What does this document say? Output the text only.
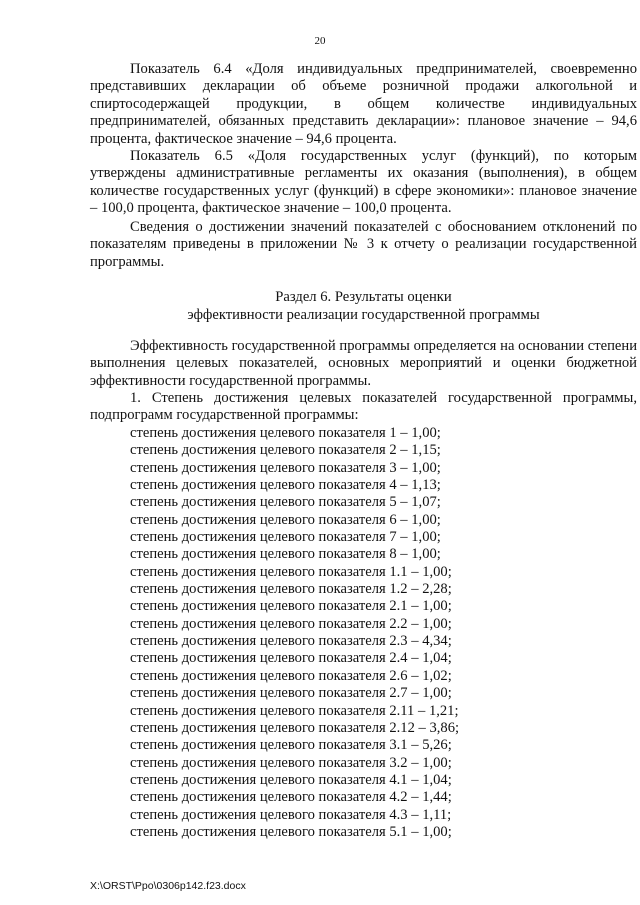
20

Показатель 6.4 «Доля индивидуальных предпринимателей, своевременно представивших декларации об объеме розничной продажи алкогольной и спиртосодержащей продукции, в общем количестве индивидуальных предпринимателей, обязанных представить декларации»: плановое значение – 94,6 процента, фактическое значение – 94,6 процента.

Показатель 6.5 «Доля государственных услуг (функций), по которым утверждены административные регламенты их оказания (выполнения), в общем количестве государственных услуг (функций) в сфере экономики»: плановое значение – 100,0 процента, фактическое значение – 100,0 процента.

Сведения о достижении значений показателей с обоснованием отклонений по показателям приведены в приложении № 3 к отчету о реализации государственной программы.

Раздел 6. Результаты оценки
эффективности реализации государственной программы

Эффективность государственной программы определяется на основании степени выполнения целевых показателей, основных мероприятий и оценки бюджетной эффективности государственной программы.

1. Степень достижения целевых показателей государственной программы, подпрограмм государственной программы:

степень достижения целевого показателя 1 – 1,00;
степень достижения целевого показателя 2 – 1,15;
степень достижения целевого показателя 3 – 1,00;
степень достижения целевого показателя 4 – 1,13;
степень достижения целевого показателя 5 – 1,07;
степень достижения целевого показателя 6 – 1,00;
степень достижения целевого показателя 7 – 1,00;
степень достижения целевого показателя 8 – 1,00;
степень достижения целевого показателя 1.1 – 1,00;
степень достижения целевого показателя 1.2 – 2,28;
степень достижения целевого показателя 2.1 – 1,00;
степень достижения целевого показателя 2.2 – 1,00;
степень достижения целевого показателя 2.3 – 4,34;
степень достижения целевого показателя 2.4 – 1,04;
степень достижения целевого показателя 2.6 – 1,02;
степень достижения целевого показателя 2.7 – 1,00;
степень достижения целевого показателя 2.11 – 1,21;
степень достижения целевого показателя 2.12 – 3,86;
степень достижения целевого показателя 3.1 – 5,26;
степень достижения целевого показателя 3.2 – 1,00;
степень достижения целевого показателя 4.1 – 1,04;
степень достижения целевого показателя 4.2 – 1,44;
степень достижения целевого показателя 4.3 – 1,11;
степень достижения целевого показателя 5.1 – 1,00;
X:\ORST\Ppo\0306p142.f23.docx
